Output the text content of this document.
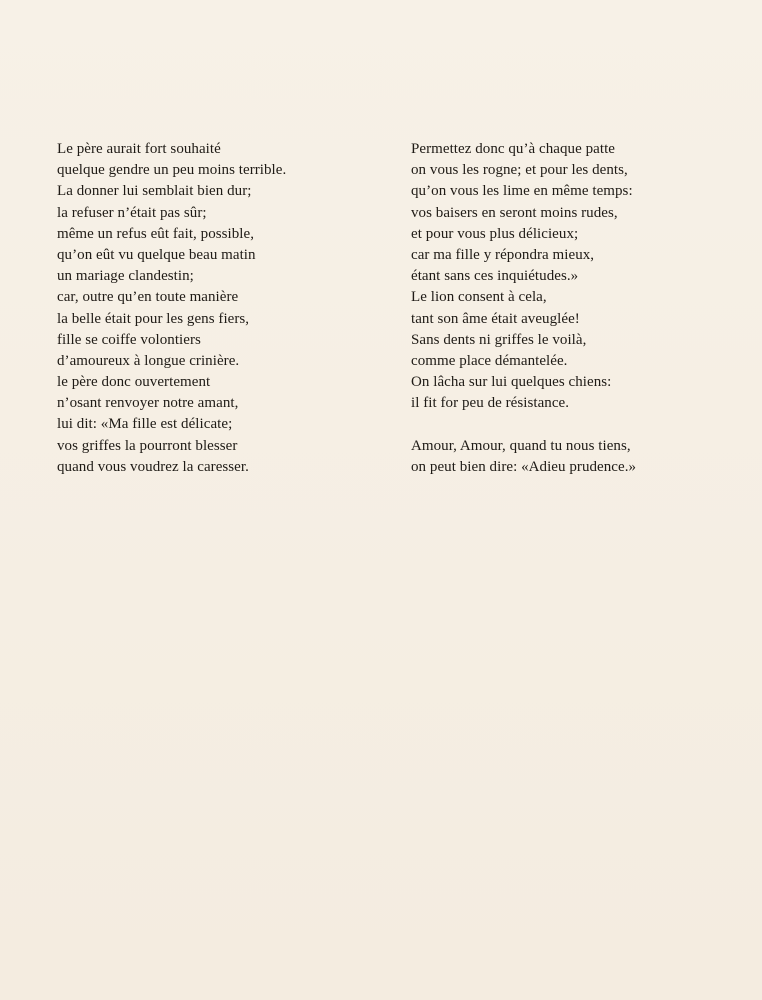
Le père aurait fort souhaité
quelque gendre un peu moins terrible.
La donner lui semblait bien dur;
la refuser n’était pas sûr;
même un refus eût fait, possible,
qu’on eût vu quelque beau matin
un mariage clandestin;
car, outre qu’en toute manière
la belle était pour les gens fiers,
fille se coiffe volontiers
d’amoureux à longue crinière.
le père donc ouvertement
n’osant renvoyer notre amant,
lui dit: «Ma fille est délicate;
vos griffes la pourront blesser
quand vous voudrez la caresser.
Permettez donc qu’à chaque patte
on vous les rogne; et pour les dents,
qu’on vous les lime en même temps:
vos baisers en seront moins rudes,
et pour vous plus délicieux;
car ma fille y répondra mieux,
étant sans ces inquiétudes.»
Le lion consent à cela,
tant son âme était aveuglée!
Sans dents ni griffes le voilà,
comme place démantelée.
On lâcha sur lui quelques chiens:
il fit for peu de résistance.
Amour, Amour, quand tu nous tiens,
on peut bien dire: «Adieu prudence.»
